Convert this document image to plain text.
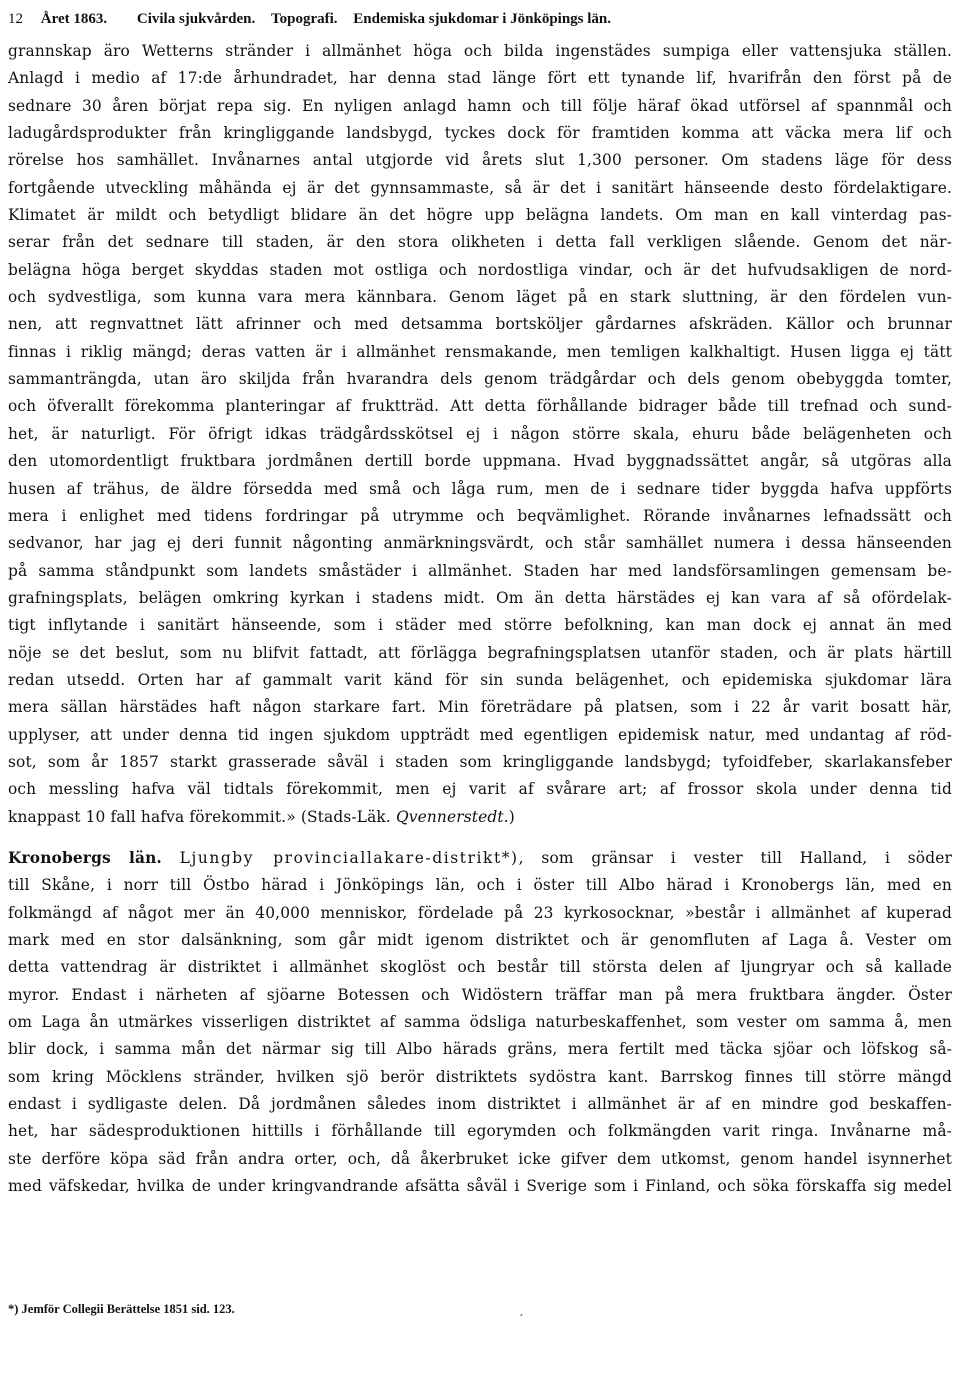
12 Året 1863. Civila sjukvården. Topografi. Endemiska sjukdomar i Jönköpings län.
grannskap äro Wetterns stränder i allmänhet höga och bilda ingenstädes sumpiga eller vattensjuka ställen.
Anlagd i medio af 17:de århundradet, har denna stad länge fört ett tynande lif, hvarifrån den först på de
sednare 30 åren börjat repa sig. En nyligen anlagd hamn och till följe häraf ökad utförsel af spannmål och
ladugårdsprodukter från kringliggande landsbygd, tyckes dock för framtiden komma att väcka mera lif och
rörelse hos samhället. Invånarnes antal utgjorde vid årets slut 1,300 personer. Om stadens läge för dess
fortgående utveckling måhända ej är det gynnsammaste, så är det i sanitärt hänseende desto fördelaktigare.
Klimatet är mildt och betydligt blidare än det högre upp belägna landets. Om man en kall vinterdag pas-
serar från det sednare till staden, är den stora olikheten i detta fall verkligen slående. Genom det när-
belägna höga berget skyddas staden mot ostliga och nordostliga vindar, och är det hufvudsakligen de nord-
och sydvestliga, som kunna vara mera kännbara. Genom läget på en stark sluttning, är den fördelen vun-
nen, att regnvattnet lätt afrinner och med detsamma bortsköljer gårdarnes afskräden. Källor och brunnar
finnas i riklig mängd; deras vatten är i allmänhet rensmakande, men temligen kalkhaltigt. Husen ligga ej tätt
sammanträngda, utan äro skiljda från hvarandra dels genom trädgårdar och dels genom obebyggda tomter,
och öfverallt förekomma planteringar af fruktträd. Att detta förhållande bidrager både till trefnad och sund-
het, är naturligt. För öfrigt idkas trädgårdsskötsel ej i någon större skala, ehuru både belägenheten och
den utomordentligt fruktbara jordmånen dertill borde uppmana. Hvad byggnadssättet angår, så utgöras alla
husen af trähus, de äldre försedda med små och låga rum, men de i sednare tider byggda hafva uppförts
mera i enlighet med tidens fordringar på utrymme och beqvämlighet. Rörande invånarnes lefnadssätt och
sedvanor, har jag ej deri funnit någonting anmärkningsvärdt, och står samhället numera i dessa hänseenden
på samma ståndpunkt som landets småstäder i allmänhet. Staden har med landsförsamlingen gemensam be-
grafningsplats, belägen omkring kyrkan i stadens midt. Om än detta härstädes ej kan vara af så ofördelak-
tigt inflytande i sanitärt hänseende, som i städer med större befolkning, kan man dock ej annat än med
nöje se det beslut, som nu blifvit fattadt, att förlägga begrafningsplatsen utanför staden, och är plats härtill
redan utsedd. Orten har af gammalt varit känd för sin sunda belägenhet, och epidemiska sjukdomar lära
mera sällan härstädes haft någon starkare fart. Min företrädare på platsen, som i 22 år varit bosatt här,
upplyser, att under denna tid ingen sjukdom uppträdt med egentligen epidemisk natur, med undantag af röd-
sot, som år 1857 starkt grasserade såväl i staden som kringliggande landsbygd; tyfoidfeber, skarlakansfeber
och messling hafva väl tidtals förekommit, men ej varit af svårare art; af frossor skola under denna tid
knappast 10 fall hafva förekommit.» (Stads-Läk. Qvennerstedt.)
Kronobergs län. Ljungby provinciallakare-distrikt*), som gränsar i vester till Halland, i söder
till Skåne, i norr till Östbo härad i Jönköpings län, och i öster till Albo härad i Kronobergs län, med en
folkmängd af något mer än 40,000 menniskor, fördelade på 23 kyrkosocknar, »består i allmänhet af kuperad
mark med en stor dalsänkning, som går midt igenom distriktet och är genomfluten af Laga å. Vester om
detta vattendrag är distriktet i allmänhet skoglöst och består till största delen af ljungryar och så kallade
myror. Endast i närheten af sjöarne Botessen och Widöstern träffar man på mera fruktbara ängder. Öster
om Laga ån utmärkes visserligen distriktet af samma ödsliga naturbeskaffenhet, som vester om samma å, men
blir dock, i samma mån det närmar sig till Albo härads gräns, mera fertilt med täcka sjöar och löfskog så-
som kring Möcklens stränder, hvilken sjö berör distriktets sydöstra kant. Barrskog finnes till större mängd
endast i sydligaste delen. Då jordmånen således inom distriktet i allmänhet är af en mindre god beskaffen-
het, har sädesproduktionen hittills i förhållande till egorymden och folkmängden varit ringa. Invånarne må-
ste derföre köpa säd från andra orter, och, då åkerbruket icke gifver dem utkomst, genom handel isynnerhet
med väfskedar, hvilka de under kringvandrande afsätta såväl i Sverige som i Finland, och söka förskaffa sig medel
*) Jemför Collegii Berättelse 1851 sid. 123.
′
